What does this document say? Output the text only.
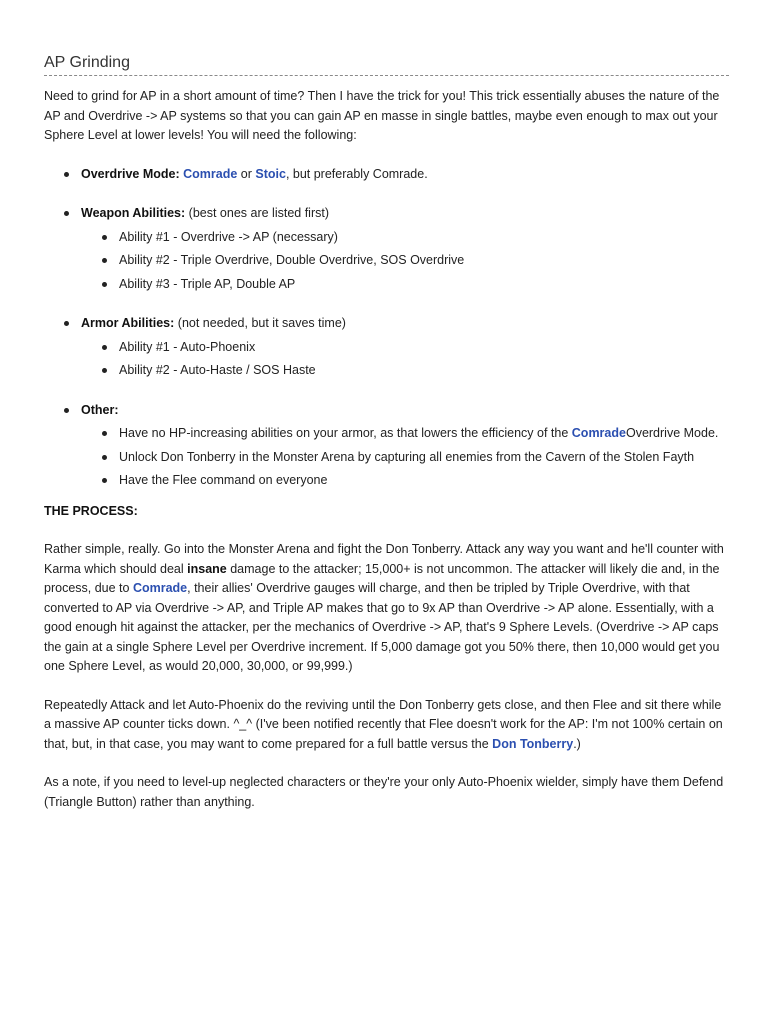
AP Grinding

Need to grind for AP in a short amount of time? Then I have the trick for you! This trick essentially abuses the nature of the AP and Overdrive -> AP systems so that you can gain AP en masse in single battles, maybe even enough to max out your Sphere Level at lower levels! You will need the following:

Overdrive Mode: Comrade or Stoic, but preferably Comrade.
Weapon Abilities: (best ones are listed first)
Ability #1 - Overdrive -> AP (necessary)
Ability #2 - Triple Overdrive, Double Overdrive, SOS Overdrive
Ability #3 - Triple AP, Double AP
Armor Abilities: (not needed, but it saves time)
Ability #1 - Auto-Phoenix
Ability #2 - Auto-Haste / SOS Haste
Other:
Have no HP-increasing abilities on your armor, as that lowers the efficiency of the ComradeOverdrive Mode.
Unlock Don Tonberry in the Monster Arena by capturing all enemies from the Cavern of the Stolen Fayth
Have the Flee command on everyone

THE PROCESS:

Rather simple, really. Go into the Monster Arena and fight the Don Tonberry. Attack any way you want and he'll counter with Karma which should deal insane damage to the attacker; 15,000+ is not uncommon. The attacker will likely die and, in the process, due to Comrade, their allies' Overdrive gauges will charge, and then be tripled by Triple Overdrive, with that converted to AP via Overdrive -> AP, and Triple AP makes that go to 9x AP than Overdrive -> AP alone. Essentially, with a good enough hit against the attacker, per the mechanics of Overdrive -> AP, that's 9 Sphere Levels. (Overdrive -> AP caps the gain at a single Sphere Level per Overdrive increment. If 5,000 damage got you 50% there, then 10,000 would get you one Sphere Level, as would 20,000, 30,000, or 99,999.)

Repeatedly Attack and let Auto-Phoenix do the reviving until the Don Tonberry gets close, and then Flee and sit there while a massive AP counter ticks down. ^_^ (I've been notified recently that Flee doesn't work for the AP: I'm not 100% certain on that, but, in that case, you may want to come prepared for a full battle versus the Don Tonberry.)

As a note, if you need to level-up neglected characters or they're your only Auto-Phoenix wielder, simply have them Defend (Triangle Button) rather than anything.
